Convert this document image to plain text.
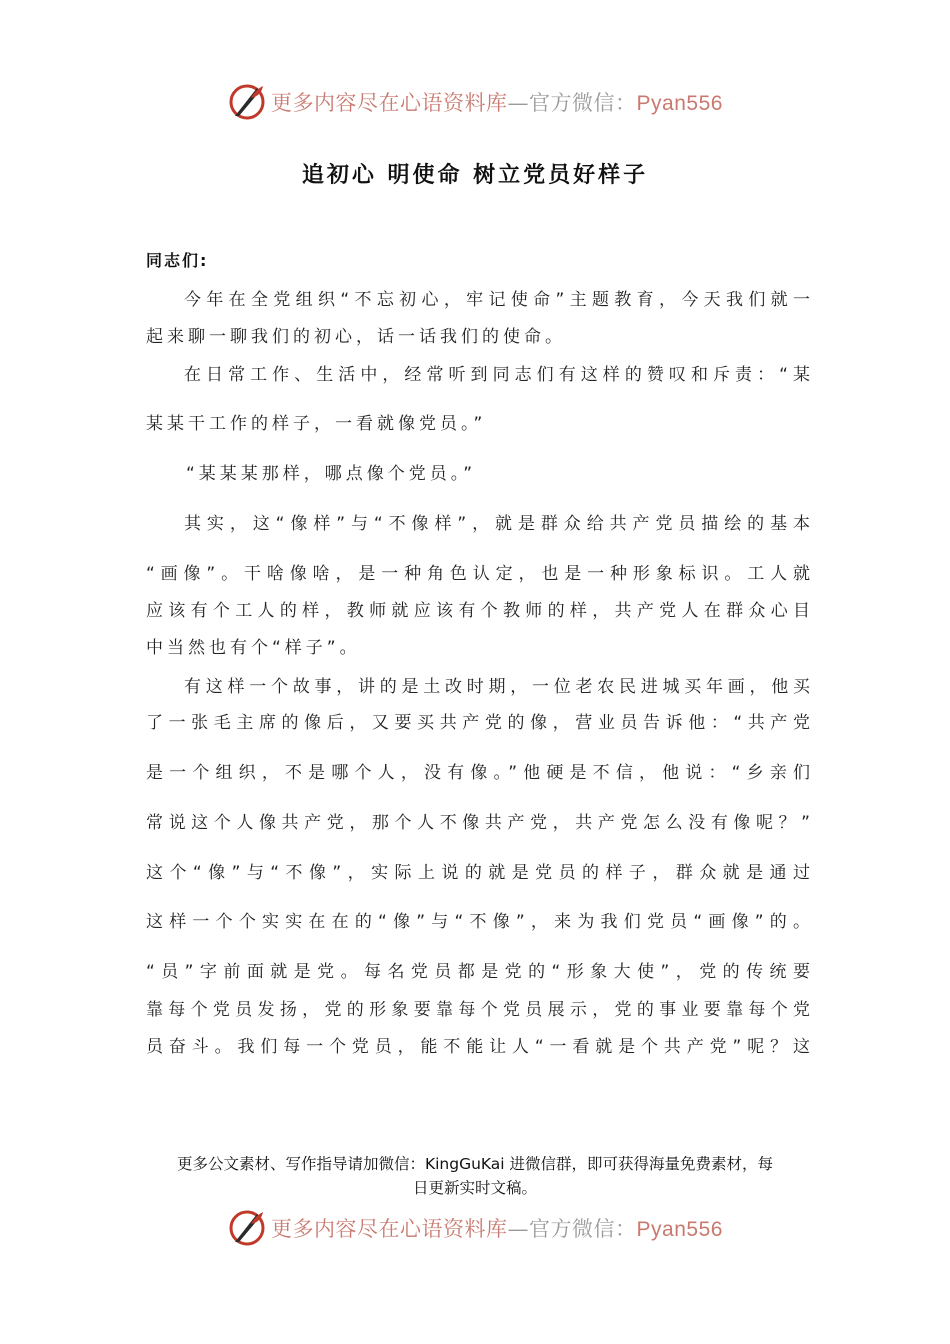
更多内容尽在心语资料库—官方微信：Pyan556
追初心 明使命 树立党员好样子
同志们:
今年在全党组织“不忘初心，牢记使命”主题教育，今天我们就一
起来聊一聊我们的初心，话一话我们的使命。
在日常工作、生活中，经常听到同志们有这样的赞叹和斥责：“某
某某干工作的样子，一看就像党员。”
“某某某那样，哪点像个党员。”
其实，这“像样”与“不像样”，就是群众给共产党员描绘的基本
“画像”。干啥像啥，是一种角色认定，也是一种形象标识。工人就
应该有个工人的样，教师就应该有个教师的样，共产党人在群众心目
中当然也有个“样子”。
有这样一个故事，讲的是土改时期，一位老农民进城买年画，他买
了一张毛主席的像后，又要买共产党的像，营业员告诉他：“共产党
是一个组织，不是哪个人，没有像。”他硬是不信，他说：“乡亲们
常说这个人像共产党，那个人不像共产党，共产党怎么没有像呢？”
这个“像”与“不像”，实际上说的就是党员的样子，群众就是通过
这样一个个实实在在的“像”与“不像”，来为我们党员“画像”的。
“员”字前面就是党。每名党员都是党的“形象大使”，党的传统要
靠每个党员发扬，党的形象要靠每个党员展示，党的事业要靠每个党
员奋斗。我们每一个党员，能不能让人“一看就是个共产党”呢？这

更多公文素材、写作指导请加微信：KingGuKai 进微信群，即可获得海量免费素材，每
日更新实时文稿。

更多内容尽在心语资料库—官方微信：Pyan556
